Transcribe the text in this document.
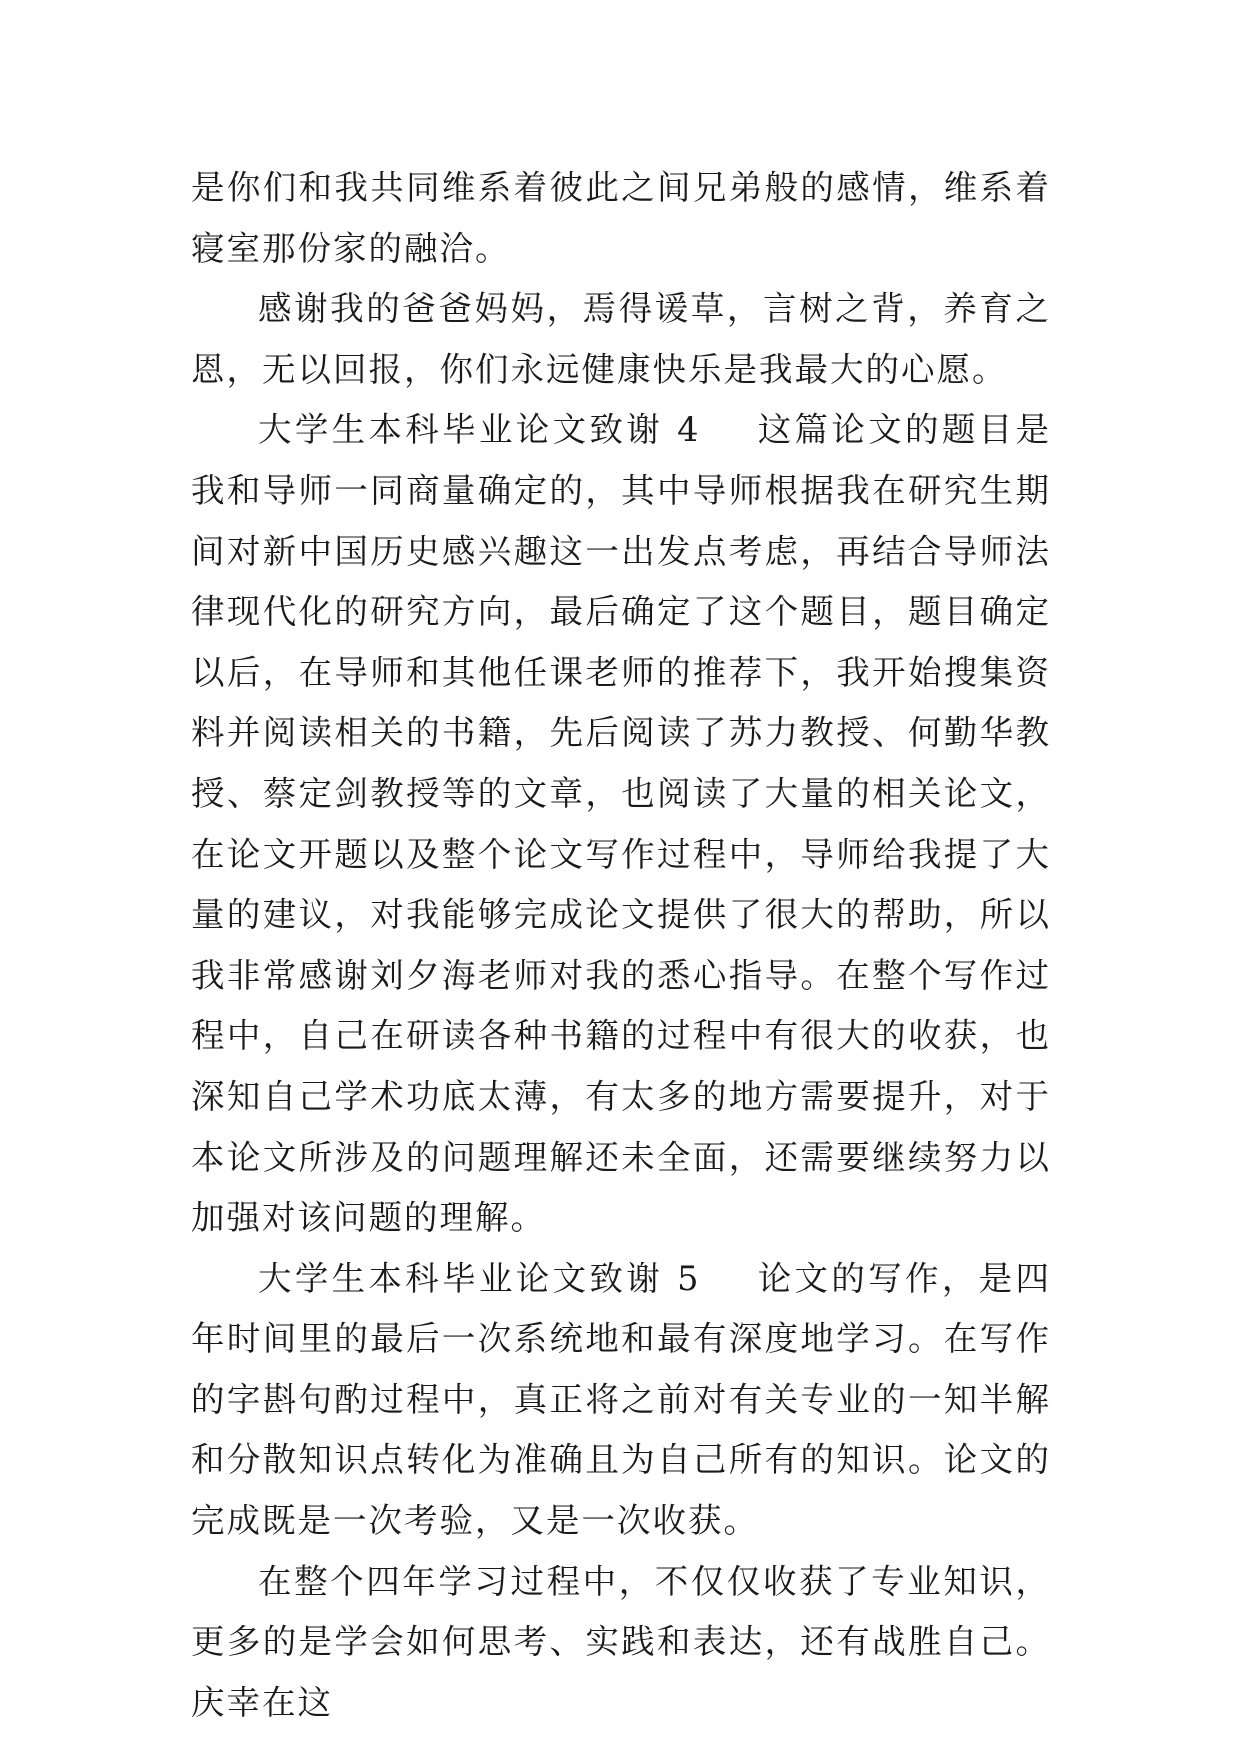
是你们和我共同维系着彼此之间兄弟般的感情，维系着寝室那份家的融洽。

感谢我的爸爸妈妈，焉得谖草，言树之背，养育之恩，无以回报，你们永远健康快乐是我最大的心愿。

大学生本科毕业论文致谢 4 这篇论文的题目是我和导师一同商量确定的，其中导师根据我在研究生期间对新中国历史感兴趣这一出发点考虑，再结合导师法律现代化的研究方向，最后确定了这个题目，题目确定以后，在导师和其他任课老师的推荐下，我开始搜集资料并阅读相关的书籍，先后阅读了苏力教授、何勤华教授、蔡定剑教授等的文章，也阅读了大量的相关论文，在论文开题以及整个论文写作过程中，导师给我提了大量的建议，对我能够完成论文提供了很大的帮助，所以我非常感谢刘夕海老师对我的悉心指导。在整个写作过程中，自己在研读各种书籍的过程中有很大的收获，也深知自己学术功底太薄，有太多的地方需要提升，对于本论文所涉及的问题理解还未全面，还需要继续努力以加强对该问题的理解。

大学生本科毕业论文致谢 5 论文的写作，是四年时间里的最后一次系统地和最有深度地学习。在写作的字斟句酌过程中，真正将之前对有关专业的一知半解和分散知识点转化为准确且为自己所有的知识。论文的完成既是一次考验，又是一次收获。

在整个四年学习过程中，不仅仅收获了专业知识，更多的是学会如何思考、实践和表达，还有战胜自己。庆幸在这
